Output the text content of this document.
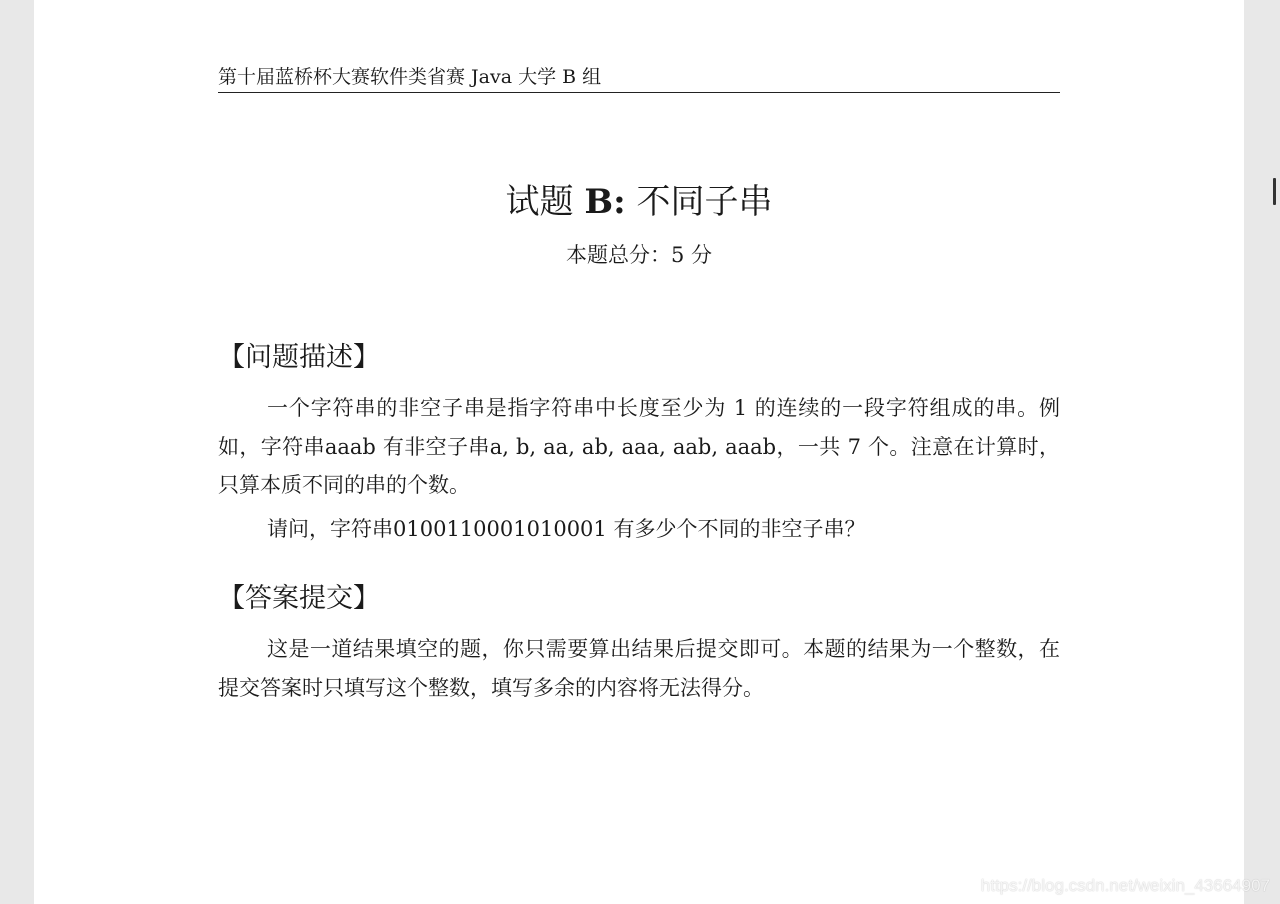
第十届蓝桥杯大赛软件类省赛 Java 大学 B 组
试题 B: 不同子串
本题总分：5 分
【问题描述】
一个字符串的非空子串是指字符串中长度至少为 1 的连续的一段字符组成的串。例如，字符串aaab 有非空子串a, b, aa, ab, aaa, aab, aaab，一共 7 个。注意在计算时，只算本质不同的串的个数。
请问，字符串0100110001010001 有多少个不同的非空子串？
【答案提交】
这是一道结果填空的题，你只需要算出结果后提交即可。本题的结果为一个整数，在提交答案时只填写这个整数，填写多余的内容将无法得分。
https://blog.csdn.net/weixin_43664907
